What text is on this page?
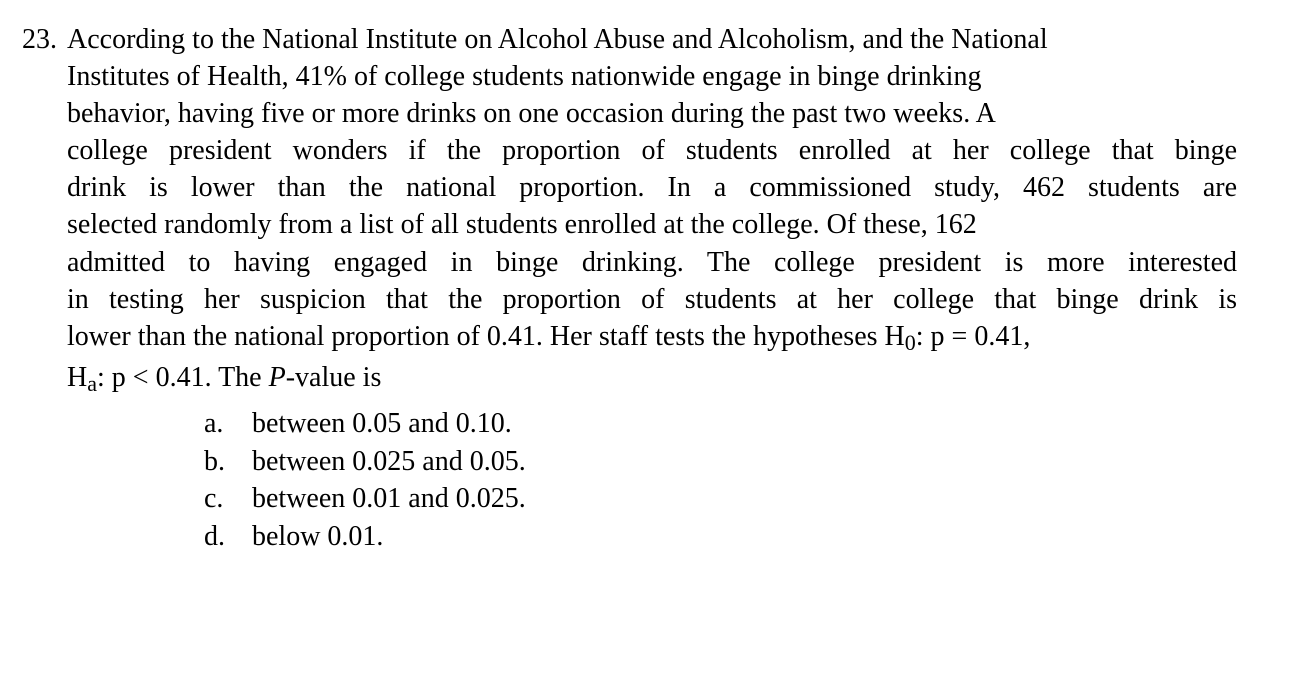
23. According to the National Institute on Alcohol Abuse and Alcoholism, and the National
Institutes of Health, 41% of college students nationwide engage in binge drinking
behavior, having five or more drinks on one occasion during the past two weeks. A
college president wonders if the proportion of students enrolled at her college that binge
drink is lower than the national proportion. In a commissioned study, 462 students are
selected randomly from a list of all students enrolled at the college. Of these, 162
admitted to having engaged in binge drinking. The college president is more interested
in testing her suspicion that the proportion of students at her college that binge drink is
lower than the national proportion of 0.41. Her staff tests the hypotheses H0: p = 0.41,
Ha: p < 0.41. The P-value is
a. between 0.05 and 0.10.
b. between 0.025 and 0.05.
c. between 0.01 and 0.025.
d. below 0.01.
